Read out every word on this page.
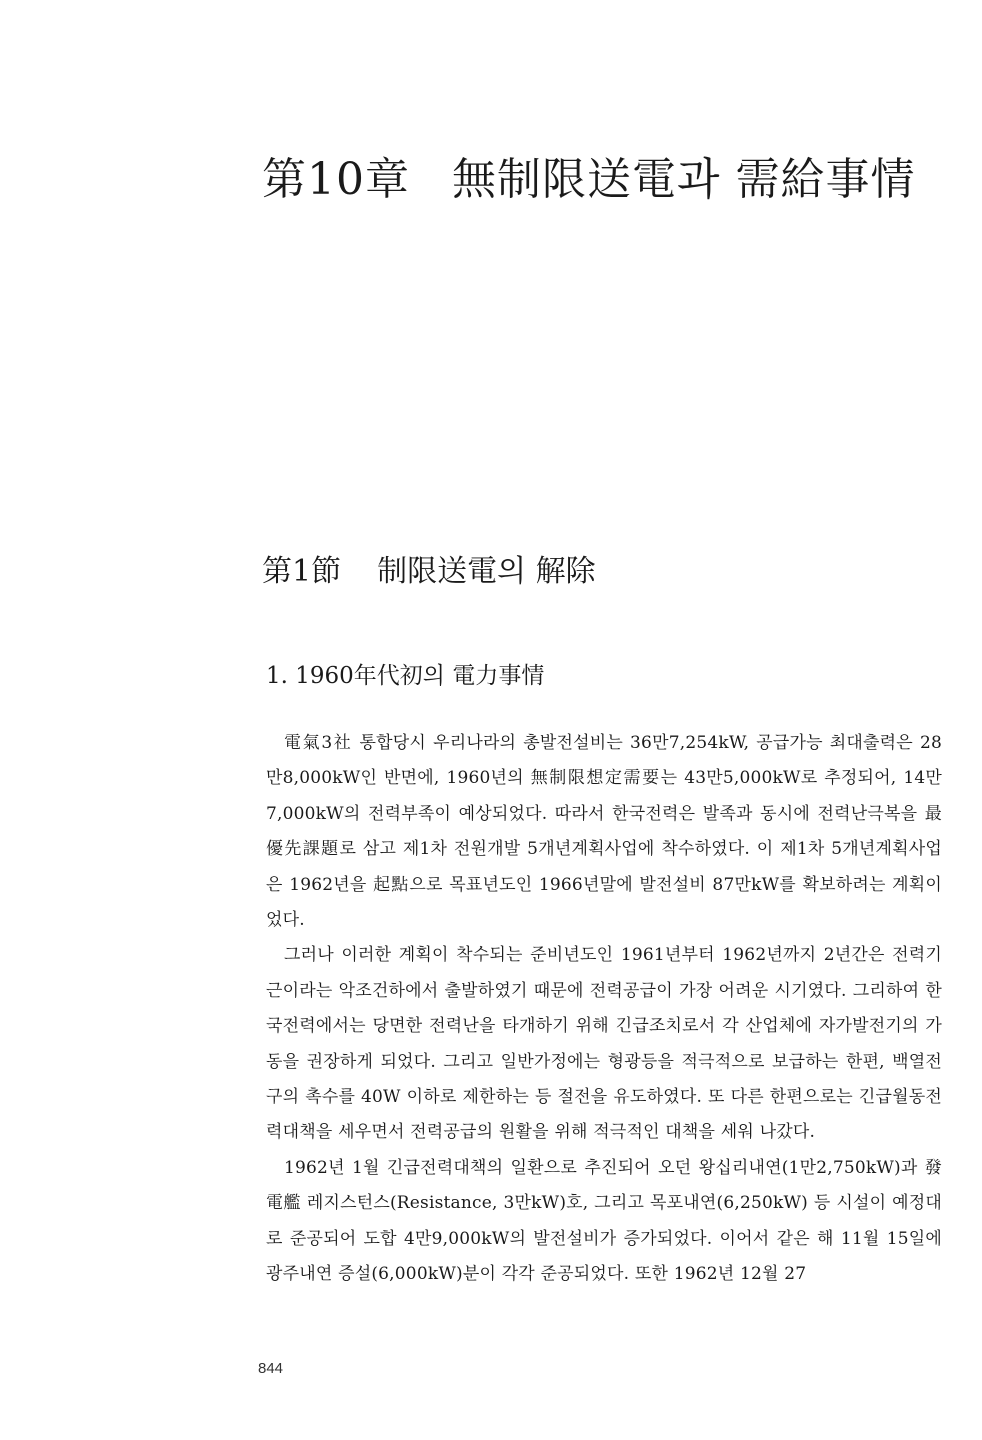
第10章 無制限送電과 需給事情
第1節 制限送電의 解除
1. 1960年代初의 電力事情

電氣3社 통합당시 우리나라의 총발전설비는 36만7,254kW, 공급가능 최대출력은 28만8,000kW인 반면에, 1960년의 無制限想定需要는 43만5,000kW로 추정되어, 14만7,000kW의 전력부족이 예상되었다. 따라서 한국전력은 발족과 동시에 전력난극복을 最優先課題로 삼고 제1차 전원개발 5개년계획사업에 착수하였다. 이 제1차 5개년계획사업은 1962년을 起點으로 목표년도인 1966년말에 발전설비 87만kW를 확보하려는 계획이었다.

그러나 이러한 계획이 착수되는 준비년도인 1961년부터 1962년까지 2년간은 전력기근이라는 악조건하에서 출발하였기 때문에 전력공급이 가장 어려운 시기였다. 그리하여 한국전력에서는 당면한 전력난을 타개하기 위해 긴급조치로서 각 산업체에 자가발전기의 가동을 권장하게 되었다. 그리고 일반가정에는 형광등을 적극적으로 보급하는 한편, 백열전구의 촉수를 40W 이하로 제한하는 등 절전을 유도하였다. 또 다른 한편으로는 긴급월동전력대책을 세우면서 전력공급의 원활을 위해 적극적인 대책을 세워 나갔다.

1962년 1월 긴급전력대책의 일환으로 추진되어 오던 왕십리내연(1만2,750kW)과 發電艦 레지스턴스(Resistance, 3만kW)호, 그리고 목포내연(6,250kW) 등 시설이 예정대로 준공되어 도합 4만9,000kW의 발전설비가 증가되었다. 이어서 같은 해 11월 15일에 광주내연 증설(6,000kW)분이 각각 준공되었다. 또한 1962년 12월 27

844
